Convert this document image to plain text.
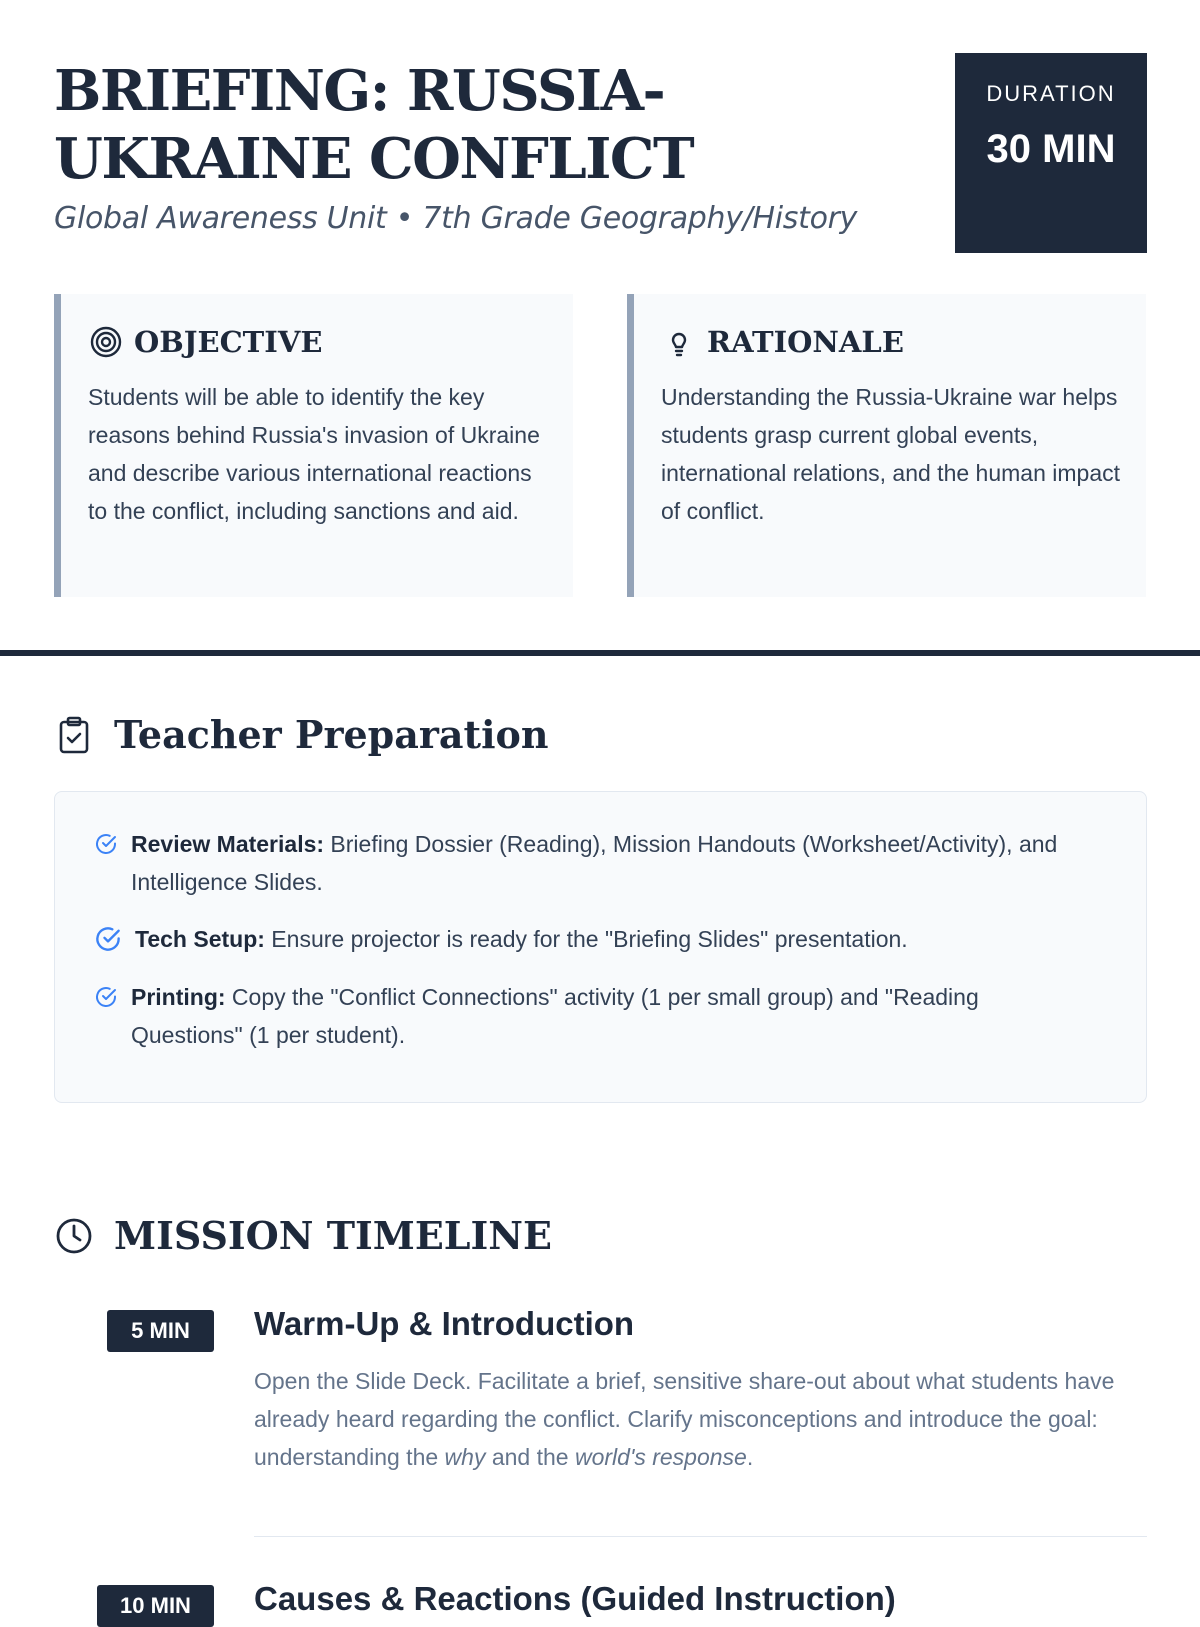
BRIEFING: RUSSIA-UKRAINE CONFLICT
Global Awareness Unit • 7th Grade Geography/History
DURATION
30 MIN
OBJECTIVE
Students will be able to identify the key reasons behind Russia's invasion of Ukraine and describe various international reactions to the conflict, including sanctions and aid.
RATIONALE
Understanding the Russia-Ukraine war helps students grasp current global events, international relations, and the human impact of conflict.
Teacher Preparation
Review Materials: Briefing Dossier (Reading), Mission Handouts (Worksheet/Activity), and Intelligence Slides.
Tech Setup: Ensure projector is ready for the "Briefing Slides" presentation.
Printing: Copy the "Conflict Connections" activity (1 per small group) and "Reading Questions" (1 per student).
MISSION TIMELINE
5 MIN	Warm-Up & Introduction
Open the Slide Deck. Facilitate a brief, sensitive share-out about what students have already heard regarding the conflict. Clarify misconceptions and introduce the goal: understanding the why and the world's response.
10 MIN	Causes & Reactions (Guided Instruction)
